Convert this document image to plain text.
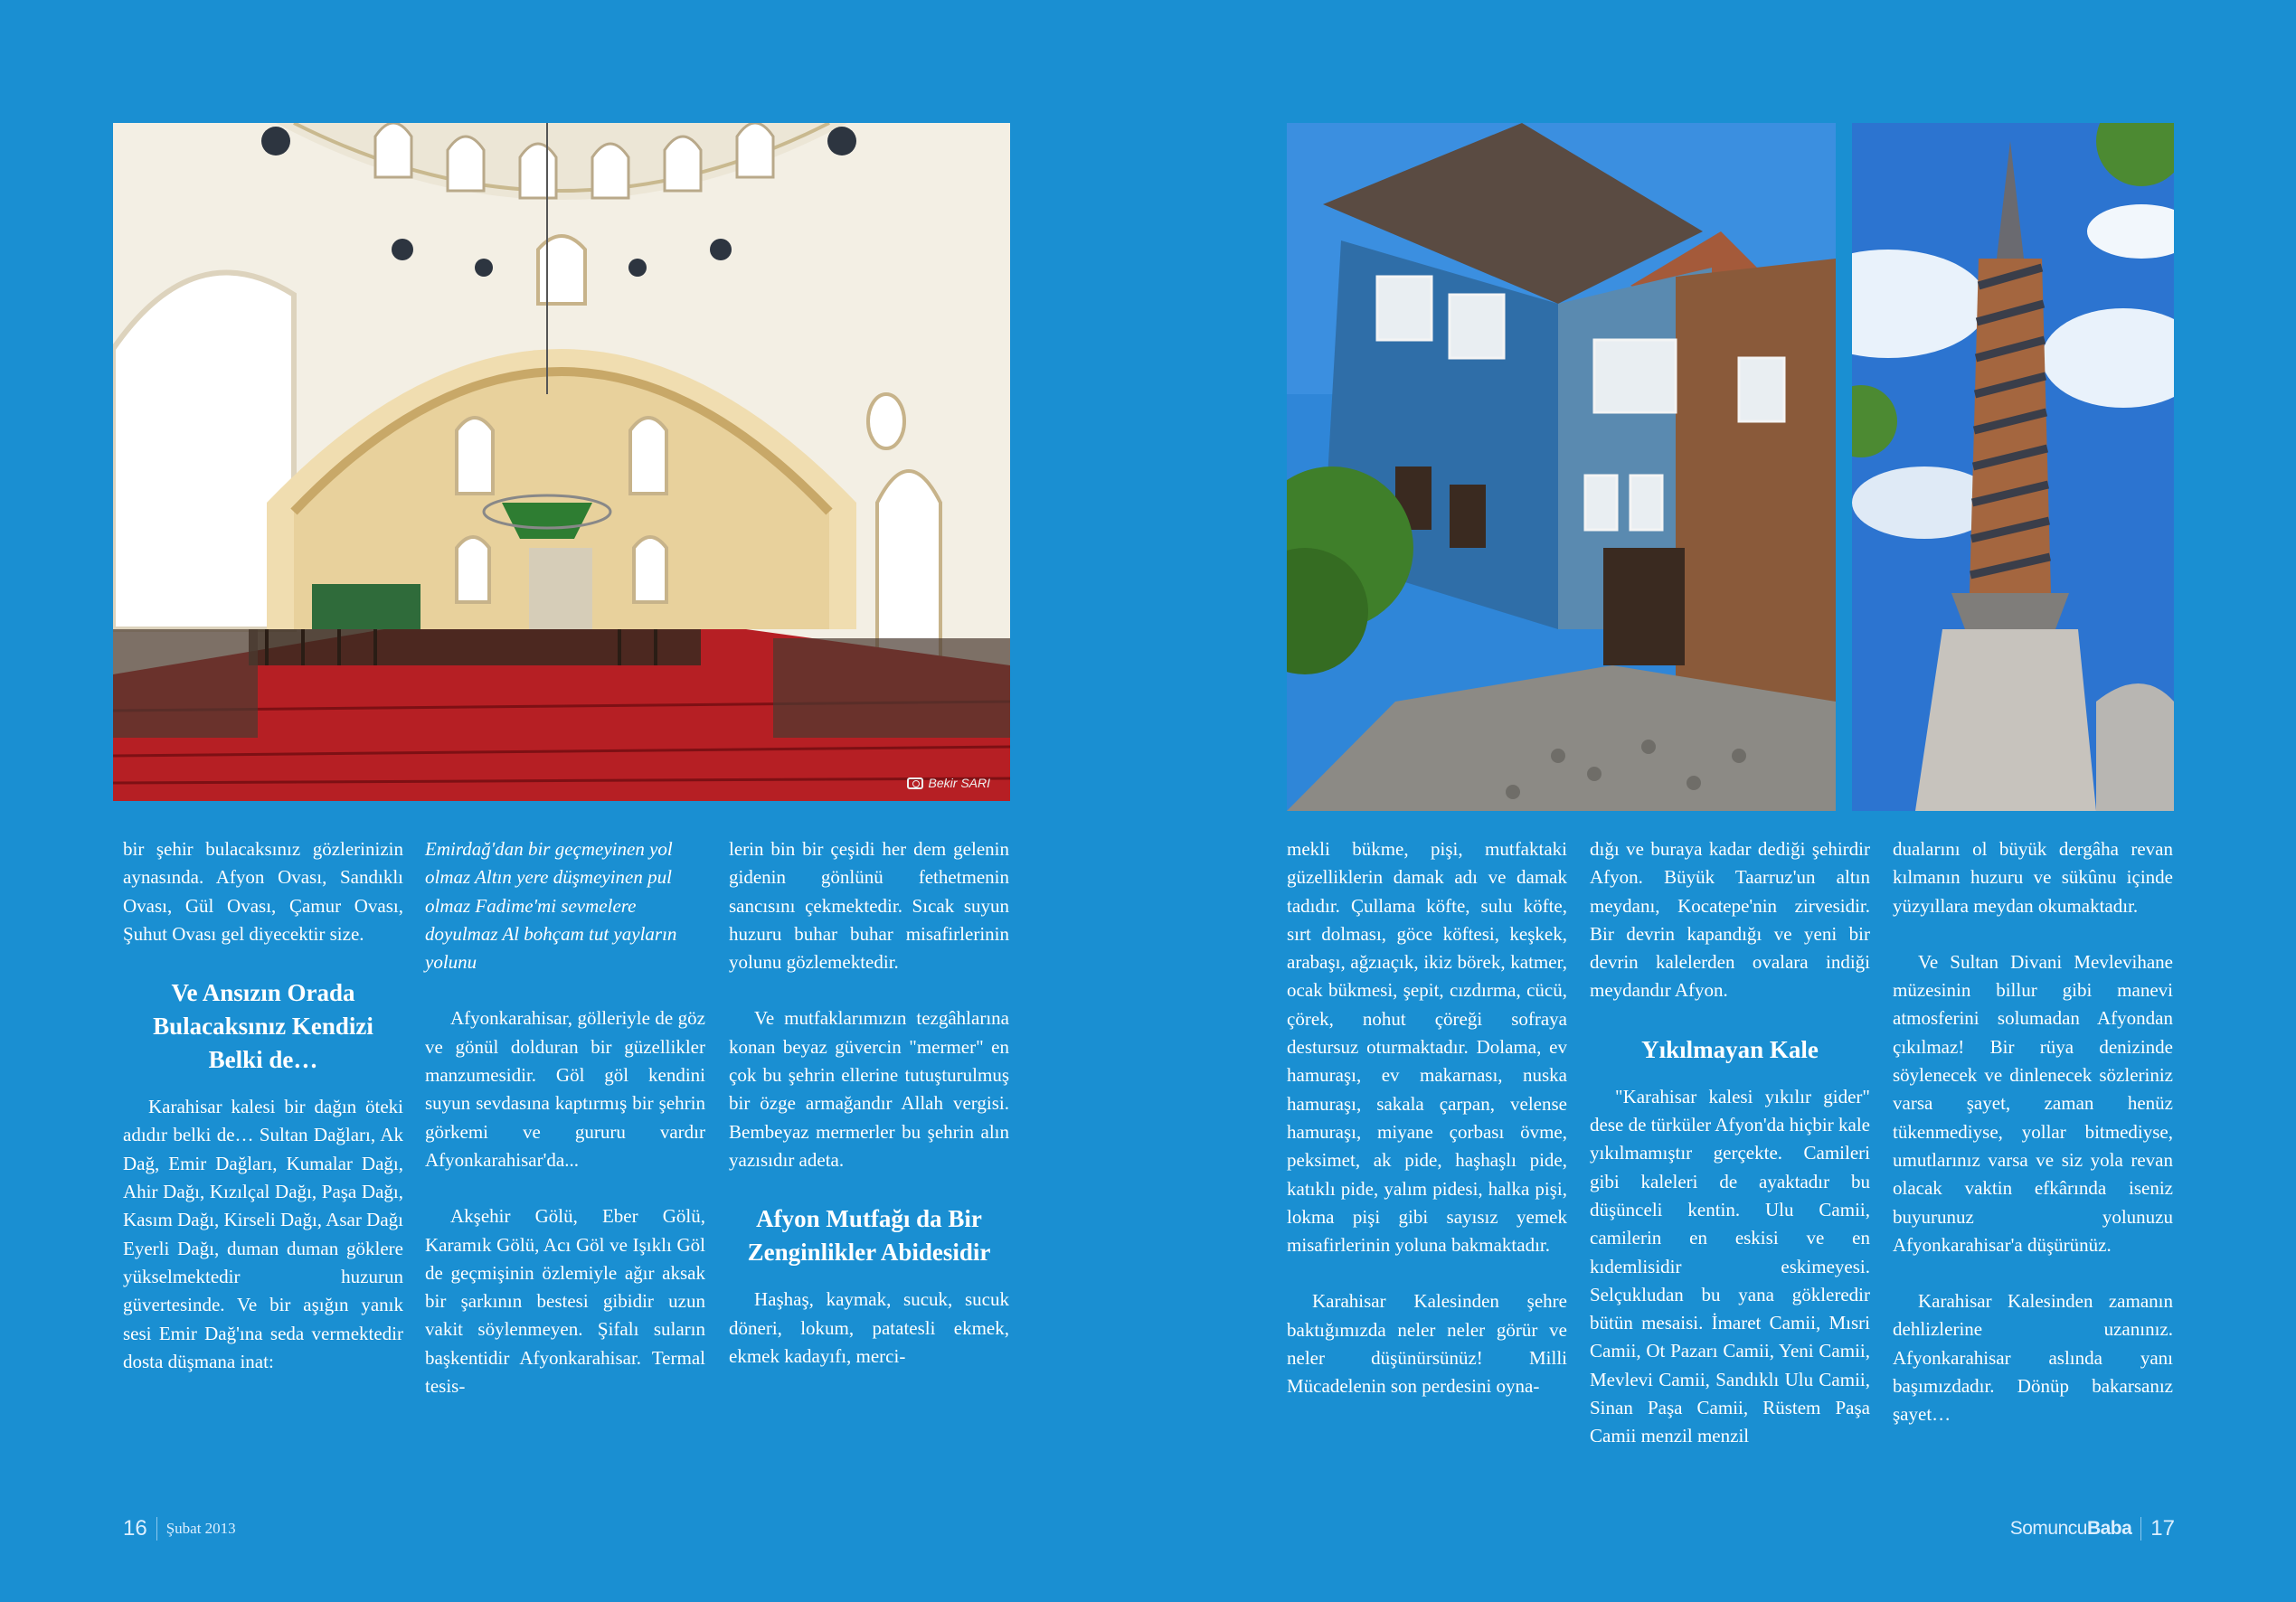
Bekir SARI

bir şehir bulacaksınız gözlerinizin aynasında. Afyon Ovası, Sandıklı Ovası, Gül Ovası, Çamur Ovası, Şuhut Ovası gel diyecektir size.

Ve Ansızın Orada Bulacaksınız Kendizi Belki de…

Karahisar kalesi bir dağın öteki adıdır belki de… Sultan Dağları, Ak Dağ, Emir Dağları, Kumalar Dağı, Ahir Dağı, Kızılçal Dağı, Paşa Dağı, Kasım Dağı, Kirseli Dağı, Asar Dağı Eyerli Dağı, duman duman göklere yükselmektedir huzurun güvertesinde. Ve bir aşığın yanık sesi Emir Dağ'ına seda vermektedir dosta düşmana inat:

Emirdağ'dan bir geçmeyinen yol olmaz Altın yere düşmeyinen pul olmaz Fadime'mi sevmelere doyulmaz Al bohçam tut yayların yolunu

Afyonkarahisar, gölleriyle de göz ve gönül dolduran bir güzellikler manzumesidir. Göl göl kendini suyun sevdasına kaptırmış bir şehrin görkemi ve gururu vardır Afyonkarahisar'da...

Akşehir Gölü, Eber Gölü, Karamık Gölü, Acı Göl ve Işıklı Göl de geçmişinin özlemiyle ağır aksak bir şarkının bestesi gibidir uzun vakit söylenmeyen. Şifalı suların başkentidir Afyonkarahisar. Termal tesis-

lerin bin bir çeşidi her dem gelenin gidenin gönlünü fethetmenin sancısını çekmektedir. Sıcak suyun huzuru buhar buhar misafirlerinin yolunu gözlemektedir.

Ve mutfaklarımızın tezgâhlarına konan beyaz güvercin "mermer" en çok bu şehrin ellerine tutuşturulmuş bir özge armağandır Allah vergisi. Bembeyaz mermerler bu şehrin alın yazısıdır adeta.

Afyon Mutfağı da Bir Zenginlikler Abidesidir

Haşhaş, kaymak, sucuk, sucuk döneri, lokum, patatesli ekmek, ekmek kadayıfı, merci-

mekli bükme, pişi, mutfaktaki güzelliklerin damak adı ve damak tadıdır. Çullama köfte, sulu köfte, sırt dolması, göce köftesi, keşkek, arabaşı, ağzıaçık, ikiz börek, katmer, ocak bükmesi, şepit, cızdırma, cücü, çörek, nohut çöreği sofraya destursuz oturmaktadır. Dolama, ev hamuraşı, ev makarnası, nuska hamuraşı, sakala çarpan, velense hamuraşı, miyane çorbası övme, peksimet, ak pide, haşhaşlı pide, katıklı pide, yalım pidesi, halka pişi, lokma pişi gibi sayısız yemek misafirlerinin yoluna bakmaktadır.

Karahisar Kalesinden şehre baktığımızda neler neler görür ve neler düşünürsünüz! Milli Mücadelenin son perdesini oyna-

dığı ve buraya kadar dediği şehirdir Afyon. Büyük Taarruz'un altın meydanı, Kocatepe'nin zirvesidir. Bir devrin kapandığı ve yeni bir devrin kalelerden ovalara indiği meydandır Afyon.

Yıkılmayan Kale

"Karahisar kalesi yıkılır gider" dese de türküler Afyon'da hiçbir kale yıkılmamıştır gerçekte. Camileri gibi kaleleri de ayaktadır bu düşünceli kentin. Ulu Camii, camilerin en eskisi ve en kıdemlisidir eskimeyesi. Selçukludan bu yana gökleredir bütün mesaisi. İmaret Camii, Mısri Camii, Ot Pazarı Camii, Yeni Camii, Mevlevi Camii, Sandıklı Ulu Camii, Sinan Paşa Camii, Rüstem Paşa Camii menzil menzil

dualarını ol büyük dergâha revan kılmanın huzuru ve sükûnu içinde yüzyıllara meydan okumaktadır.

Ve Sultan Divani Mevlevihane müzesinin billur gibi manevi atmosferini solumadan Afyondan çıkılmaz! Bir rüya denizinde söylenecek ve dinlenecek sözleriniz varsa şayet, zaman henüz tükenmediyse, yollar bitmediyse, umutlarınız varsa ve siz yola revan olacak vaktin efkârında iseniz buyurunuz yolunuzu Afyonkarahisar'a düşürünüz.

Karahisar Kalesinden zamanın dehlizlerine uzanınız. Afyonkarahisar aslında yanı başımızdadır. Dönüp bakarsanız şayet…

16 Şubat 2013	SomuncuBaba 17
